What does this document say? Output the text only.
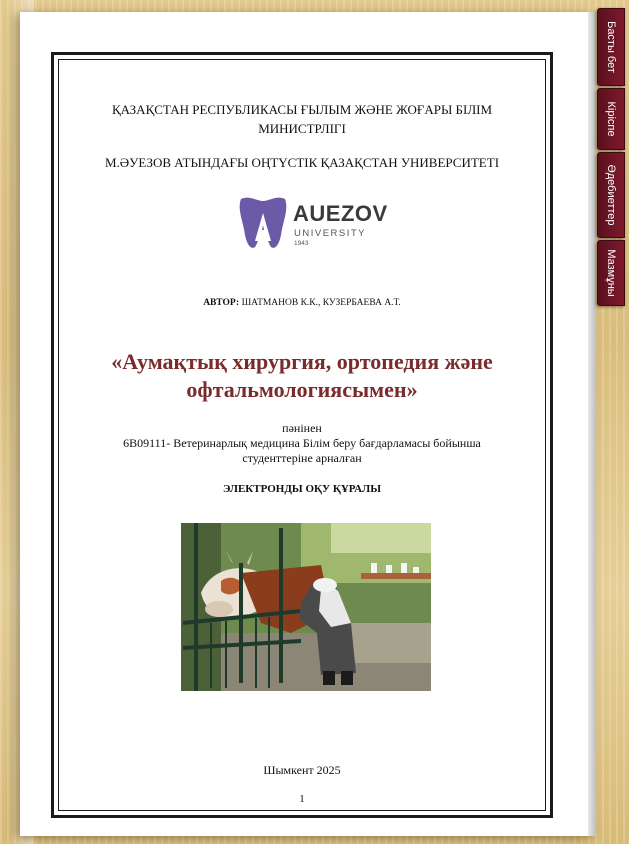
ҚАЗАҚСТАН РЕСПУБЛИКАСЫ ҒЫЛЫМ ЖӘНЕ ЖОҒАРЫ БІЛІМ МИНИСТРЛІГІ
М.ӘУЕЗОВ АТЫНДАҒЫ ОҢТҮСТІК ҚАЗАҚСТАН УНИВЕРСИТЕТІ
AUEZOV
UNIVERSITY
1943
АВТОР: ШАТМАНОВ К.К., КУЗЕРБАЕВА А.Т.
«Аумақтық хирургия, ортопедия және офтальмологиясымен»
пәнінен
6В09111- Ветеринарлық медицина Білім беру бағдарламасы бойынша студенттеріне арналған
ЭЛЕКТРОНДЫ ОҚУ ҚҰРАЛЫ
Шымкент 2025
1
Басты бет
Кіріспе
Әдебиеттер
Мазмұны
